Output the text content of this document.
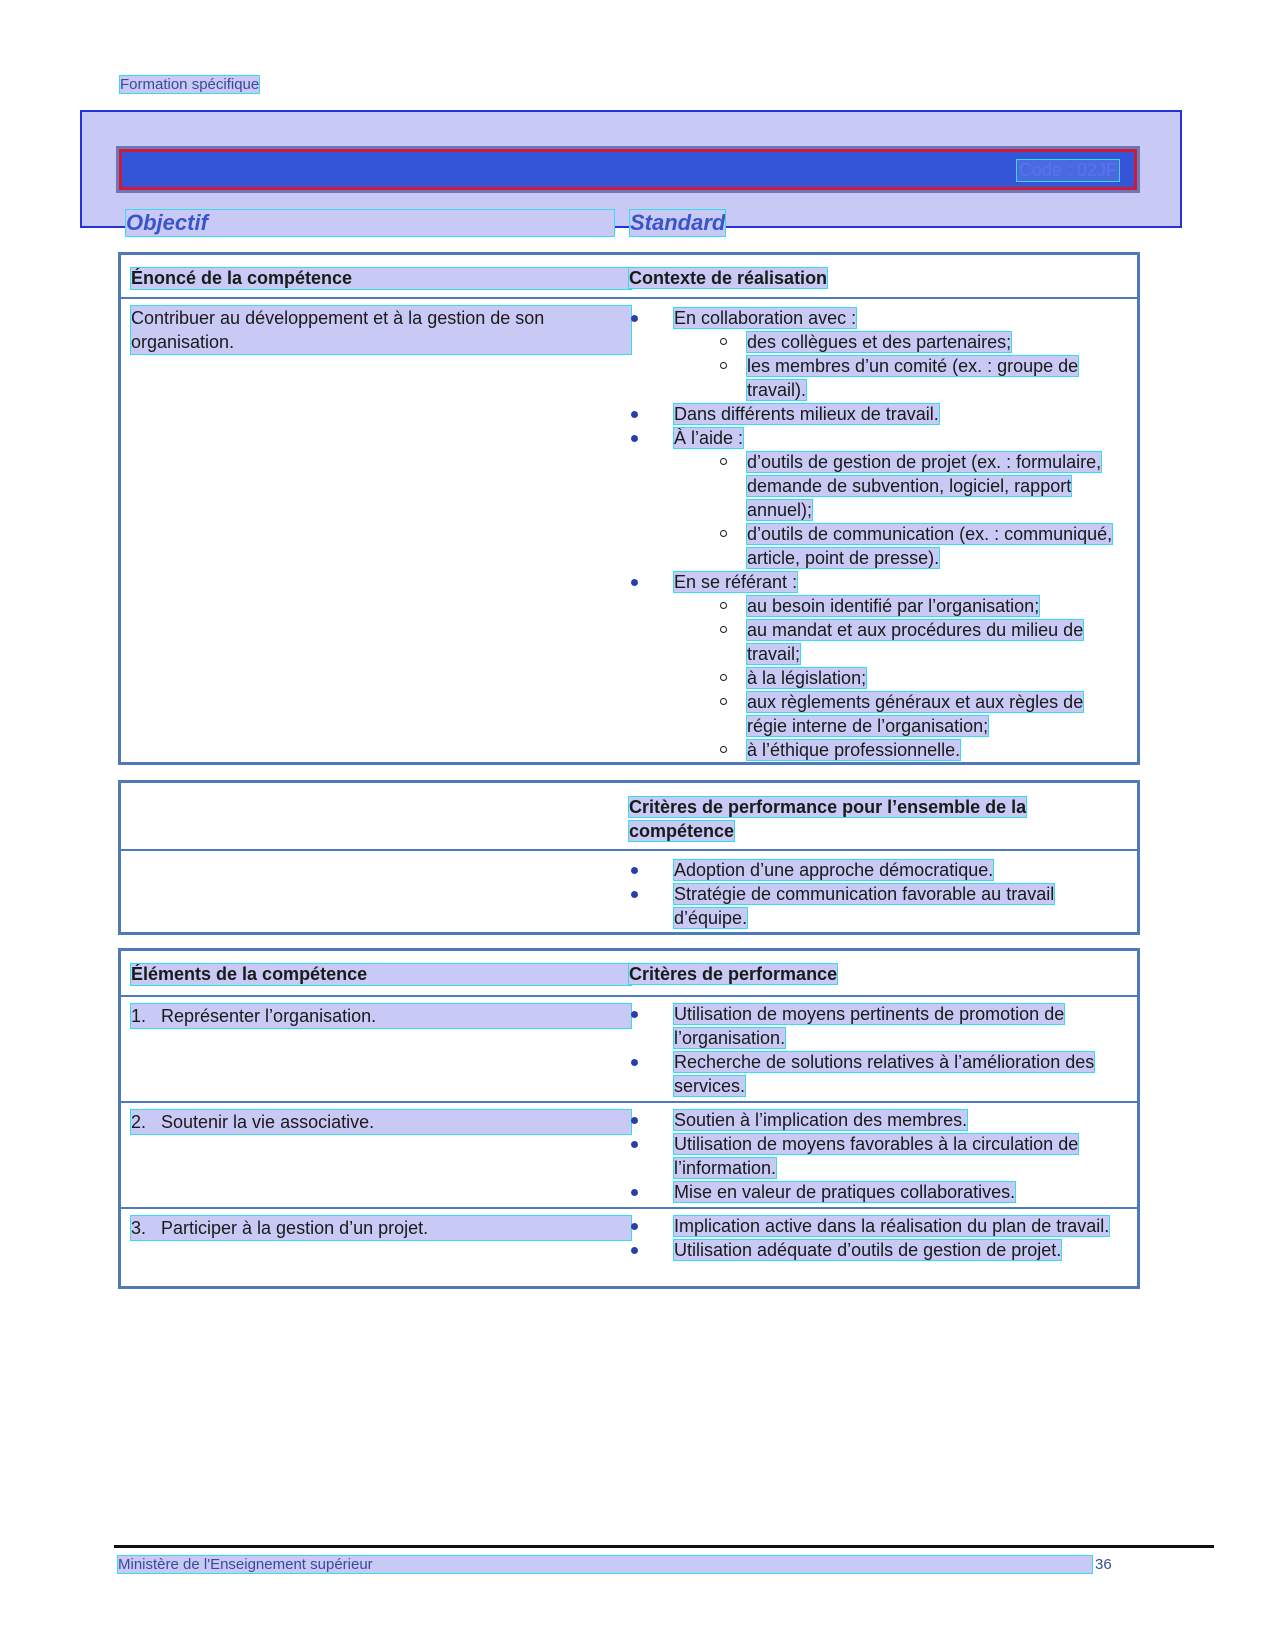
Formation spécifique
Code : 02JF
Objectif	Standard
Énoncé de la compétence	Contexte de réalisation
Contribuer au développement et à la gestion de son organisation.
En collaboration avec :
des collègues et des partenaires;
les membres d’un comité (ex. : groupe de travail).
Dans différents milieux de travail.
À l’aide :
d’outils de gestion de projet (ex. : formulaire, demande de subvention, logiciel, rapport annuel);
d’outils de communication (ex. : communiqué, article, point de presse).
En se référant :
au besoin identifié par l’organisation;
au mandat et aux procédures du milieu de travail;
à la législation;
aux règlements généraux et aux règles de régie interne de l’organisation;
à l’éthique professionnelle.
Critères de performance pour l’ensemble de la compétence
Adoption d’une approche démocratique.
Stratégie de communication favorable au travail d’équipe.
Éléments de la compétence	Critères de performance
1. Représenter l’organisation.	Utilisation de moyens pertinents de promotion de l’organisation.
Recherche de solutions relatives à l’amélioration des services.
2. Soutenir la vie associative.	Soutien à l’implication des membres.
Utilisation de moyens favorables à la circulation de l’information.
Mise en valeur de pratiques collaboratives.
3. Participer à la gestion d’un projet.	Implication active dans la réalisation du plan de travail.
Utilisation adéquate d’outils de gestion de projet.
Ministère de l'Enseignement supérieur	36
